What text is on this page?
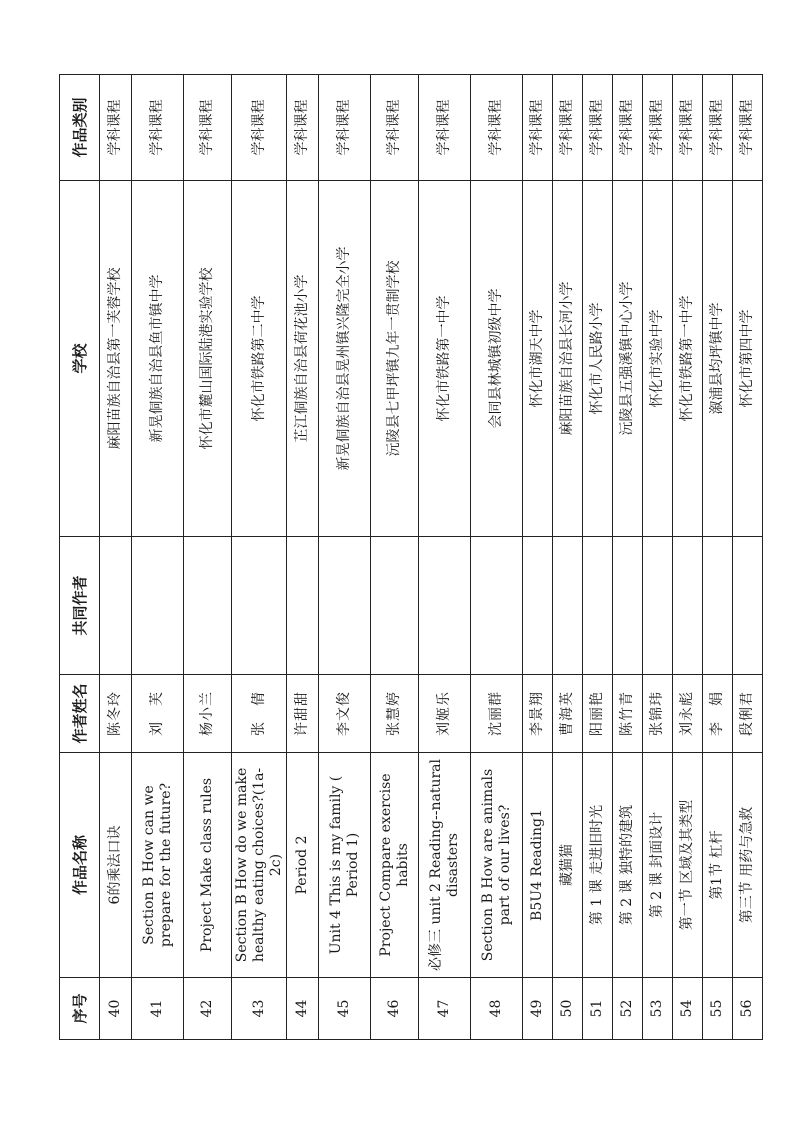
序号	作品名称	作者姓名	共同作者	学校	作品类别
40	6的乘法口诀	陈冬玲		麻阳苗族自治县第一芙蓉学校	学科课程
41	Section B How can we prepare for the future?	刘　芙		新晃侗族自治县鱼市镇中学	学科课程
42	Project Make class rules	杨小兰		怀化市麓山国际陆港实验学校	学科课程
43	Section B How do we make healthy eating choices?(1a-2c)	张　倩		怀化市铁路第二中学	学科课程
44	Period 2	许甜甜		芷江侗族自治县荷花池小学	学科课程
45	Unit 4 This is my family ( Period 1)	李文俊		新晃侗族自治县晃州镇兴隆完全小学	学科课程
46	Project Compare exercise habits	张慧婷		沅陵县七甲坪镇九年一贯制学校	学科课程
47	必修三 unit 2 Reading--natural disasters	刘姬乐		怀化市铁路第一中学	学科课程
48	Section B How are animals part of our lives?	沈丽群		会同县林城镇初级中学	学科课程
49	B5U4 Reading1	李景翔		怀化市湖天中学	学科课程
50	藏猫猫	曹海英		麻阳苗族自治县长河小学	学科课程
51	第 1 课 走进旧时光	阳丽艳		怀化市人民路小学	学科课程
52	第 2 课 独特的建筑	陈竹青		沅陵县五强溪镇中心小学	学科课程
53	第 2 课 封面设计	张锦玮		怀化市实验中学	学科课程
54	第一节 区域及其类型	刘永彪		怀化市铁路第一中学	学科课程
55	第1节 杠杆	李　娟		溆浦县均坪镇中学	学科课程
56	第三节 用药与急救	段俐君		怀化市第四中学	学科课程
